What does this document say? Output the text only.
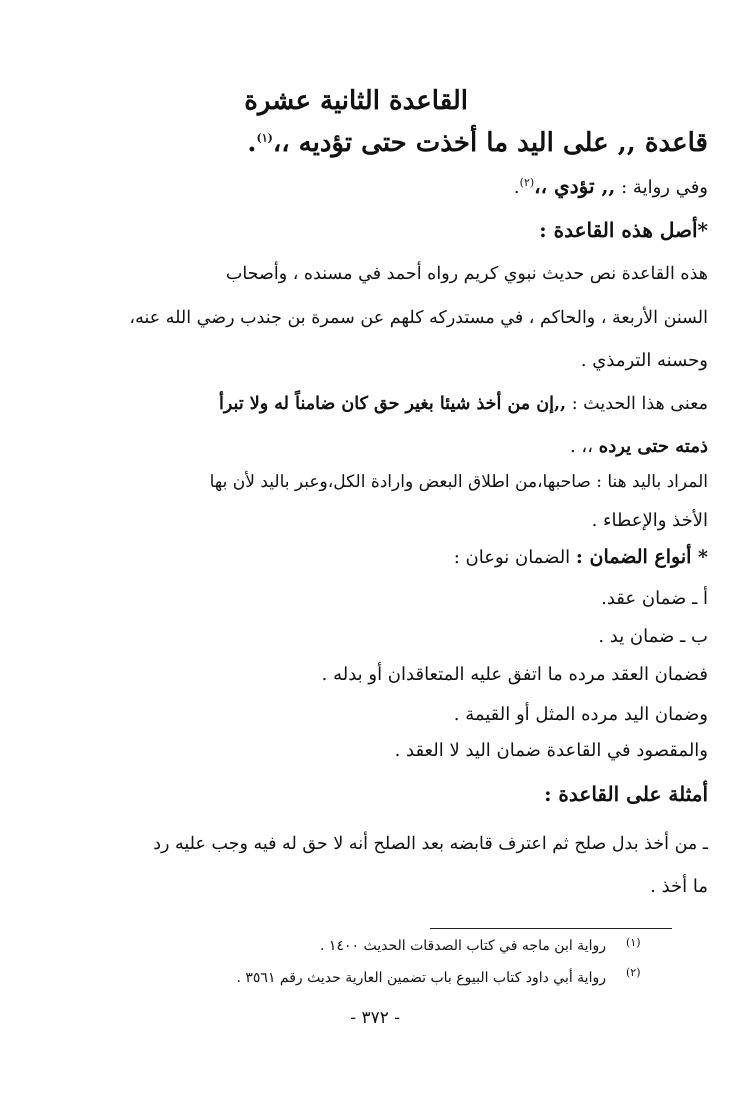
القاعدة الثانية عشرة
قاعدة ,, على اليد ما أخذت حتى تؤديه ،،$^{(١)}$.

وفي رواية : ,, تؤدي ،،$^{(٢)}$.

*أصل هذه القاعدة :

هذه القاعدة نص حديث نبوي كريم رواه أحمد في مسنده ، وأصحاب

السنن الأربعة ، والحاكم ، في مستدركه كلهم عن سمرة بن جندب رضي الله عنه،

وحسنه الترمذي .

معنى هذا الحديث : ,,إن من أخذ شيئا بغير حق كان ضامناً له ولا تبرأ

ذمته حتى يرده ،، .

المراد باليد هنا : صاحبها،من اطلاق البعض وارادة الكل،وعبر باليد لأن بها

الأخذ والإعطاء .

* أنواع الضمان : الضمان نوعان :

أ ـ ضمان عقد.

ب ـ ضمان يد .

فضمان العقد مرده ما اتفق عليه المتعاقدان أو بدله .

وضمان اليد مرده المثل أو القيمة .

والمقصود في القاعدة ضمان اليد لا العقد .

أمثلة على القاعدة :

ـ من أخذ بدل صلح ثم اعترف قابضه بعد الصلح أنه لا حق له فيه وجب عليه رد

ما أخذ .

(١)

رواية ابن ماجه في كتاب الصدقات الحديث ١٤٠٠ .

(٢)

رواية أبي داود كتاب البيوع باب تضمين العارية حديث رقم ٣٥٦١ .

- ٣٧٢ -
